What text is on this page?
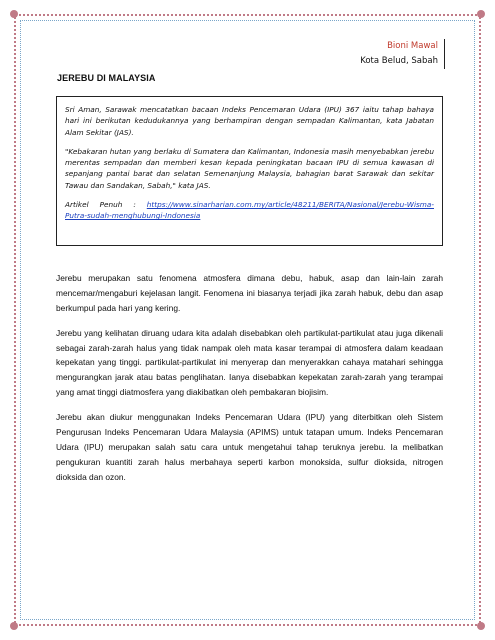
Bioni Mawal
Kota Belud, Sabah
JEREBU DI MALAYSIA

Sri Aman, Sarawak mencatatkan bacaan Indeks Pencemaran Udara (IPU) 367 iaitu tahap bahaya hari ini berikutan kedudukannya yang berhampiran dengan sempadan Kalimantan, kata Jabatan Alam Sekitar (JAS).

"Kebakaran hutan yang berlaku di Sumatera dan Kalimantan, Indonesia masih menyebabkan jerebu merentas sempadan dan memberi kesan kepada peningkatan bacaan IPU di semua kawasan di sepanjang pantai barat dan selatan Semenanjung Malaysia, bahagian barat Sarawak dan sekitar Tawau dan Sandakan, Sabah," kata JAS.

Artikel   Penuh   :   https://www.sinarharian.com.my/article/48211/BERITA/Nasional/Jerebu-Wisma-Putra-sudah-menghubungi-Indonesia

Jerebu merupakan satu fenomena atmosfera dimana debu, habuk, asap dan lain-lain zarah mencemar/mengaburi kejelasan langit. Fenomena ini biasanya terjadi jika zarah habuk, debu dan asap berkumpul pada hari yang kering.

Jerebu yang kelihatan diruang udara kita adalah disebabkan oleh partikulat-partikulat atau juga dikenali sebagai zarah-zarah halus yang tidak nampak oleh mata kasar terampai di atmosfera dalam keadaan kepekatan yang tinggi. partikulat-partikulat ini menyerap dan menyerakkan cahaya matahari sehingga mengurangkan jarak atau batas penglihatan. Ianya disebabkan kepekatan zarah-zarah yang terampai yang amat tinggi diatmosfera yang diakibatkan oleh pembakaran biojisim.

Jerebu akan diukur menggunakan Indeks Pencemaran Udara (IPU) yang diterbitkan oleh Sistem Pengurusan Indeks Pencemaran Udara Malaysia (APIMS) untuk tatapan umum. Indeks Pencemaran Udara (IPU) merupakan salah satu cara untuk mengetahui tahap teruknya jerebu. Ia melibatkan pengukuran kuantiti zarah halus merbahaya seperti karbon monoksida, sulfur dioksida, nitrogen dioksida dan ozon.
